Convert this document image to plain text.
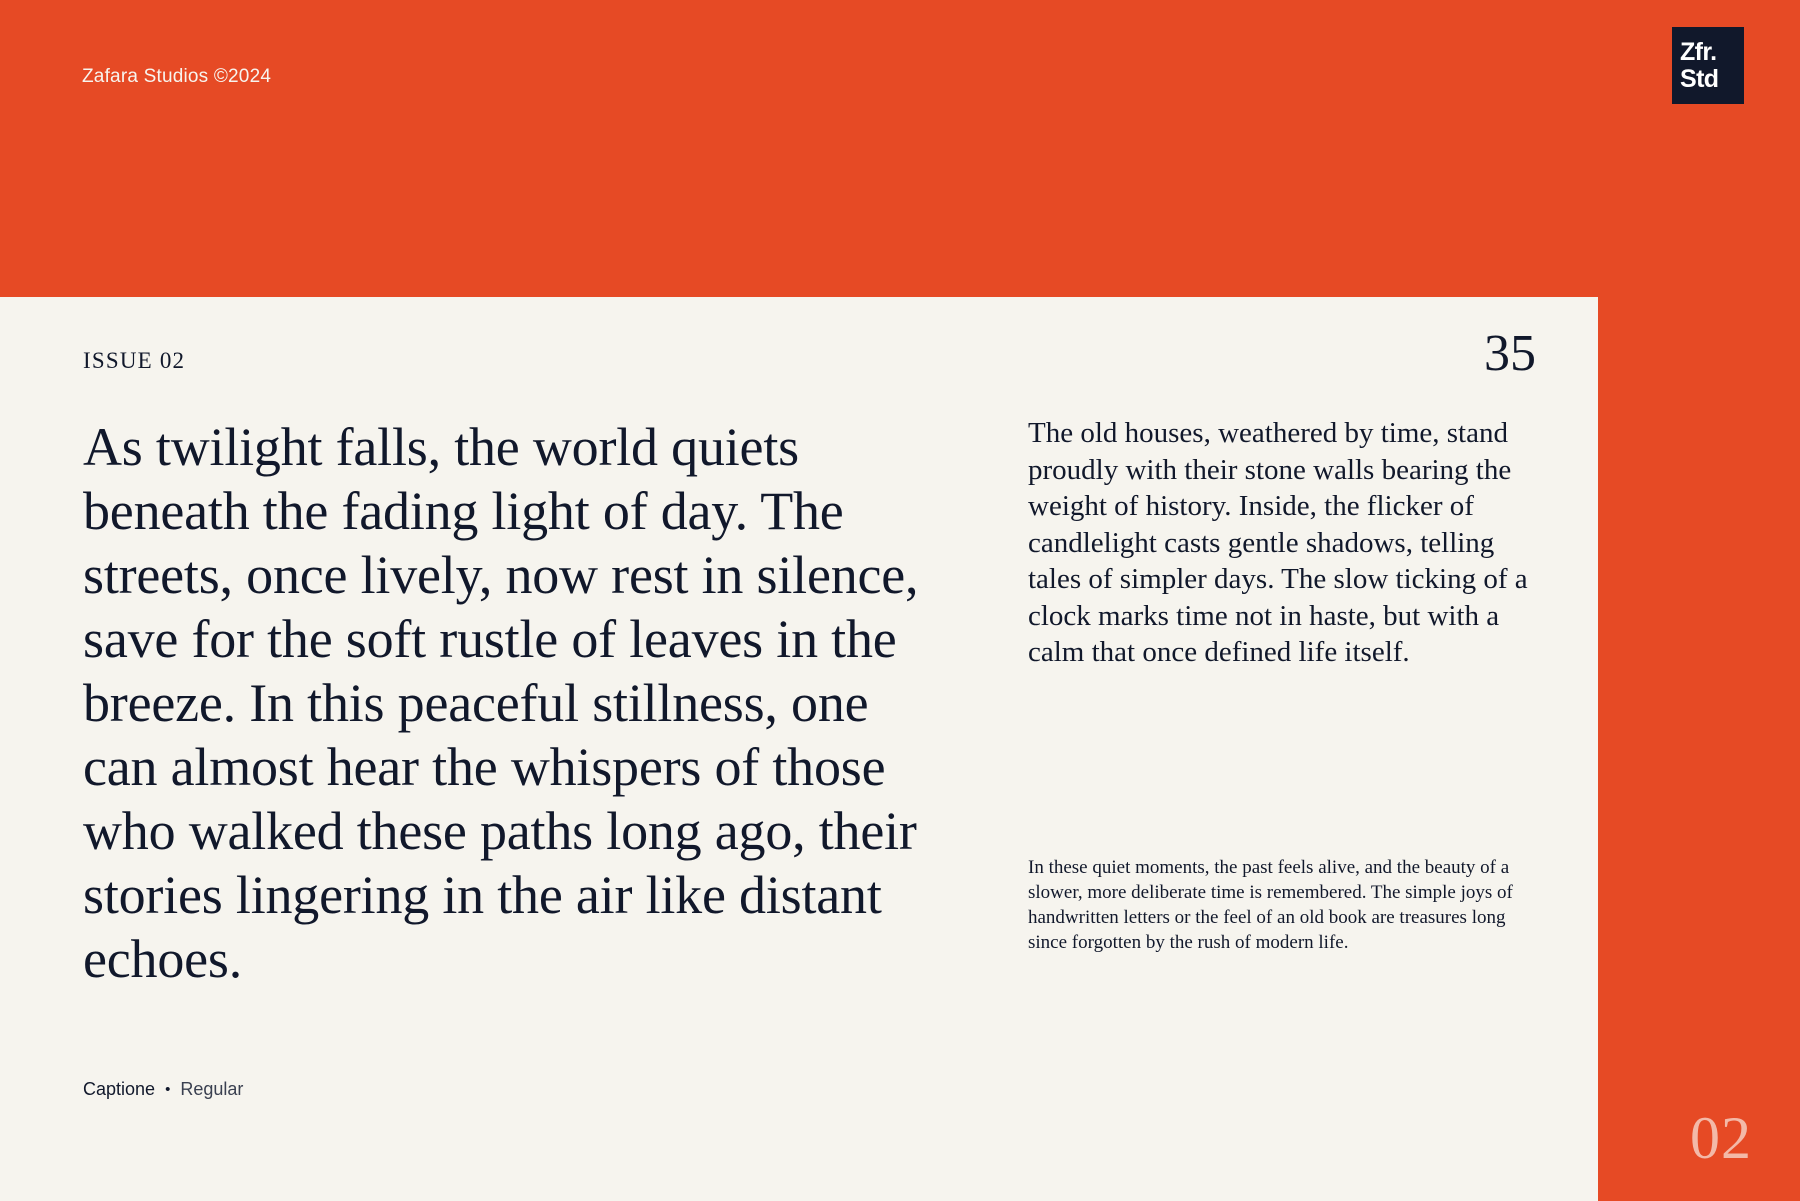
Zafara Studios ©2024
Zfr.
Std
ISSUE 02	35

As twilight falls, the world quiets beneath the fading light of day. The streets, once lively, now rest in silence, save for the soft rustle of leaves in the breeze. In this peaceful stillness, one can almost hear the whispers of those who walked these paths long ago, their stories lingering in the air like distant echoes.

Captione • Regular

The old houses, weathered by time, stand proudly with their stone walls bearing the weight of history. Inside, the flicker of candlelight casts gentle shadows, telling tales of simpler days. The slow ticking of a clock marks time not in haste, but with a calm that once defined life itself.

In these quiet moments, the past feels alive, and the beauty of a slower, more deliberate time is remembered. The simple joys of handwritten letters or the feel of an old book are treasures long since forgotten by the rush of modern life.

02
